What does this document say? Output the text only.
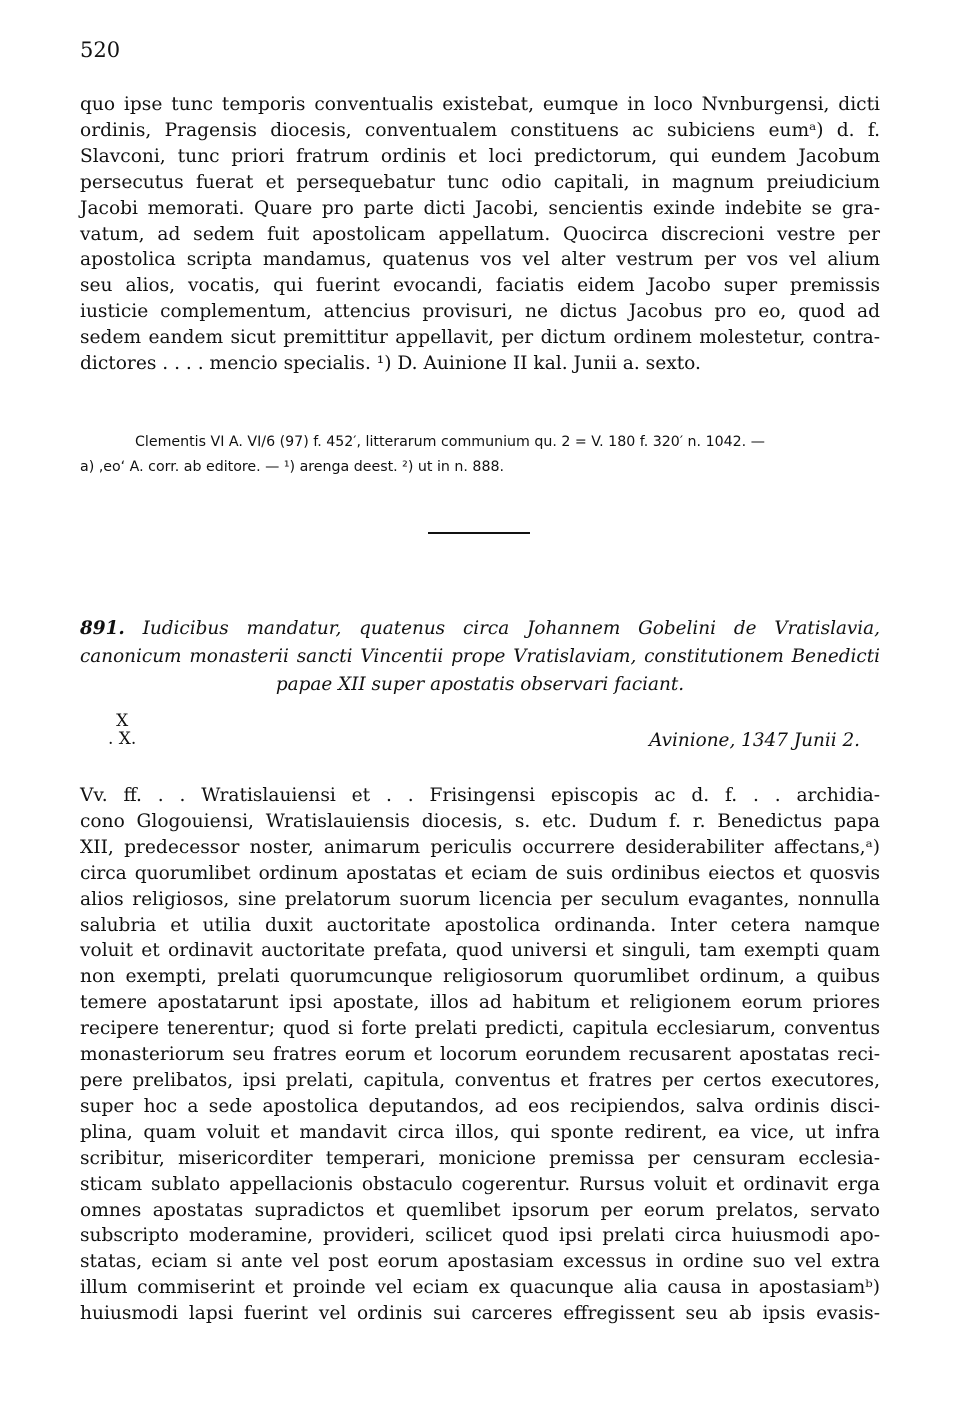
520
quo ipse tunc temporis conventualis existebat, eumque in loco Nvnburgensi, dicti
ordinis, Pragensis diocesis, conventualem constituens ac subiciens eumᵃ) d. f.
Slavconi, tunc priori fratrum ordinis et loci predictorum, qui eundem Jacobum
persecutus fuerat et persequebatur tunc odio capitali, in magnum preiudicium
Jacobi memorati. Quare pro parte dicti Jacobi, sencientis exinde indebite se gra-
vatum, ad sedem fuit apostolicam appellatum. Quocirca discrecioni vestre per
apostolica scripta mandamus, quatenus vos vel alter vestrum per vos vel alium
seu alios, vocatis, qui fuerint evocandi, faciatis eidem Jacobo super premissis
iusticie complementum, attencius provisuri, ne dictus Jacobus pro eo, quod ad
sedem eandem sicut premittitur appellavit, per dictum ordinem molestetur, contra-
dictores . . . . mencio specialis. ¹) D. Auinione II kal. Junii a. sexto.
Clementis VI A. VI/6 (97) f. 452′, litterarum communium qu. 2 = V. 180 f. 320′ n. 1042. —
a) ‚eo‘ A. corr. ab editore. — ¹) arenga deest. ²) ut in n. 888.
891. Iudicibus mandatur, quatenus circa Johannem Gobelini de Vratislavia,
canonicum monasterii sancti Vincentii prope Vratislaviam, constitutionem Benedicti
papae XII super apostatis observari faciant.
X
. X.	Avinione, 1347 Junii 2.
Vv. ff. . . Wratislauiensi et . . Frisingensi episcopis ac d. f. . . archidia-
cono Glogouiensi, Wratislauiensis diocesis, s. etc. Dudum f. r. Benedictus papa
XII, predecessor noster, animarum periculis occurrere desiderabiliter affectans,ᵃ)
circa quorumlibet ordinum apostatas et eciam de suis ordinibus eiectos et quosvis
alios religiosos, sine prelatorum suorum licencia per seculum evagantes, nonnulla
salubria et utilia duxit auctoritate apostolica ordinanda. Inter cetera namque
voluit et ordinavit auctoritate prefata, quod universi et singuli, tam exempti quam
non exempti, prelati quorumcunque religiosorum quorumlibet ordinum, a quibus
temere apostatarunt ipsi apostate, illos ad habitum et religionem eorum priores
recipere tenerentur; quod si forte prelati predicti, capitula ecclesiarum, conventus
monasteriorum seu fratres eorum et locorum eorundem recusarent apostatas reci-
pere prelibatos, ipsi prelati, capitula, conventus et fratres per certos executores,
super hoc a sede apostolica deputandos, ad eos recipiendos, salva ordinis disci-
plina, quam voluit et mandavit circa illos, qui sponte redirent, ea vice, ut infra
scribitur, misericorditer temperari, monicione premissa per censuram ecclesia-
sticam sublato appellacionis obstaculo cogerentur. Rursus voluit et ordinavit erga
omnes apostatas supradictos et quemlibet ipsorum per eorum prelatos, servato
subscripto moderamine, provideri, scilicet quod ipsi prelati circa huiusmodi apo-
statas, eciam si ante vel post eorum apostasiam excessus in ordine suo vel extra
illum commiserint et proinde vel eciam ex quacunque alia causa in apostasiamᵇ)
huiusmodi lapsi fuerint vel ordinis sui carceres effregissent seu ab ipsis evasis-
